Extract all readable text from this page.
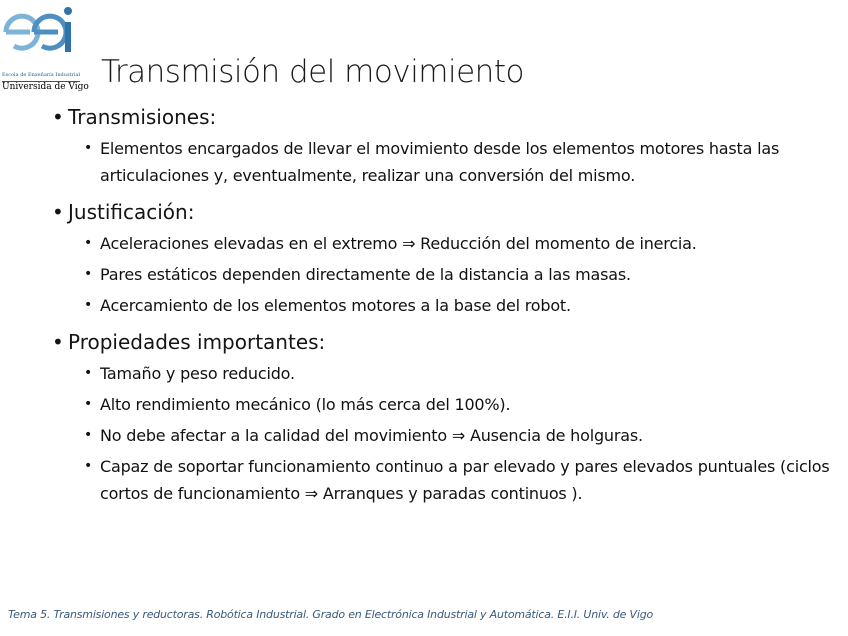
Escola de Enxeñaría Industrial
Universida de Vigo Transmisión del movimiento
• Transmisiones:
• Elementos encargados de llevar el movimiento desde los elementos motores hasta las articulaciones y, eventualmente, realizar una conversión del mismo.
• Justificación:
• Aceleraciones elevadas en el extremo ⇒ Reducción del momento de inercia.
• Pares estáticos dependen directamente de la distancia a las masas.
• Acercamiento de los elementos motores a la base del robot.
• Propiedades importantes:
• Tamaño y peso reducido.
• Alto rendimiento mecánico (lo más cerca del 100%).
• No debe afectar a la calidad del movimiento ⇒ Ausencia de holguras.
• Capaz de soportar funcionamiento continuo a par elevado y pares elevados puntuales (ciclos cortos de funcionamiento ⇒ Arranques y paradas continuos ).
Tema 5. Transmisiones y reductoras. Robótica Industrial. Grado en Electrónica Industrial y Automática. E.I.I. Univ. de Vigo
